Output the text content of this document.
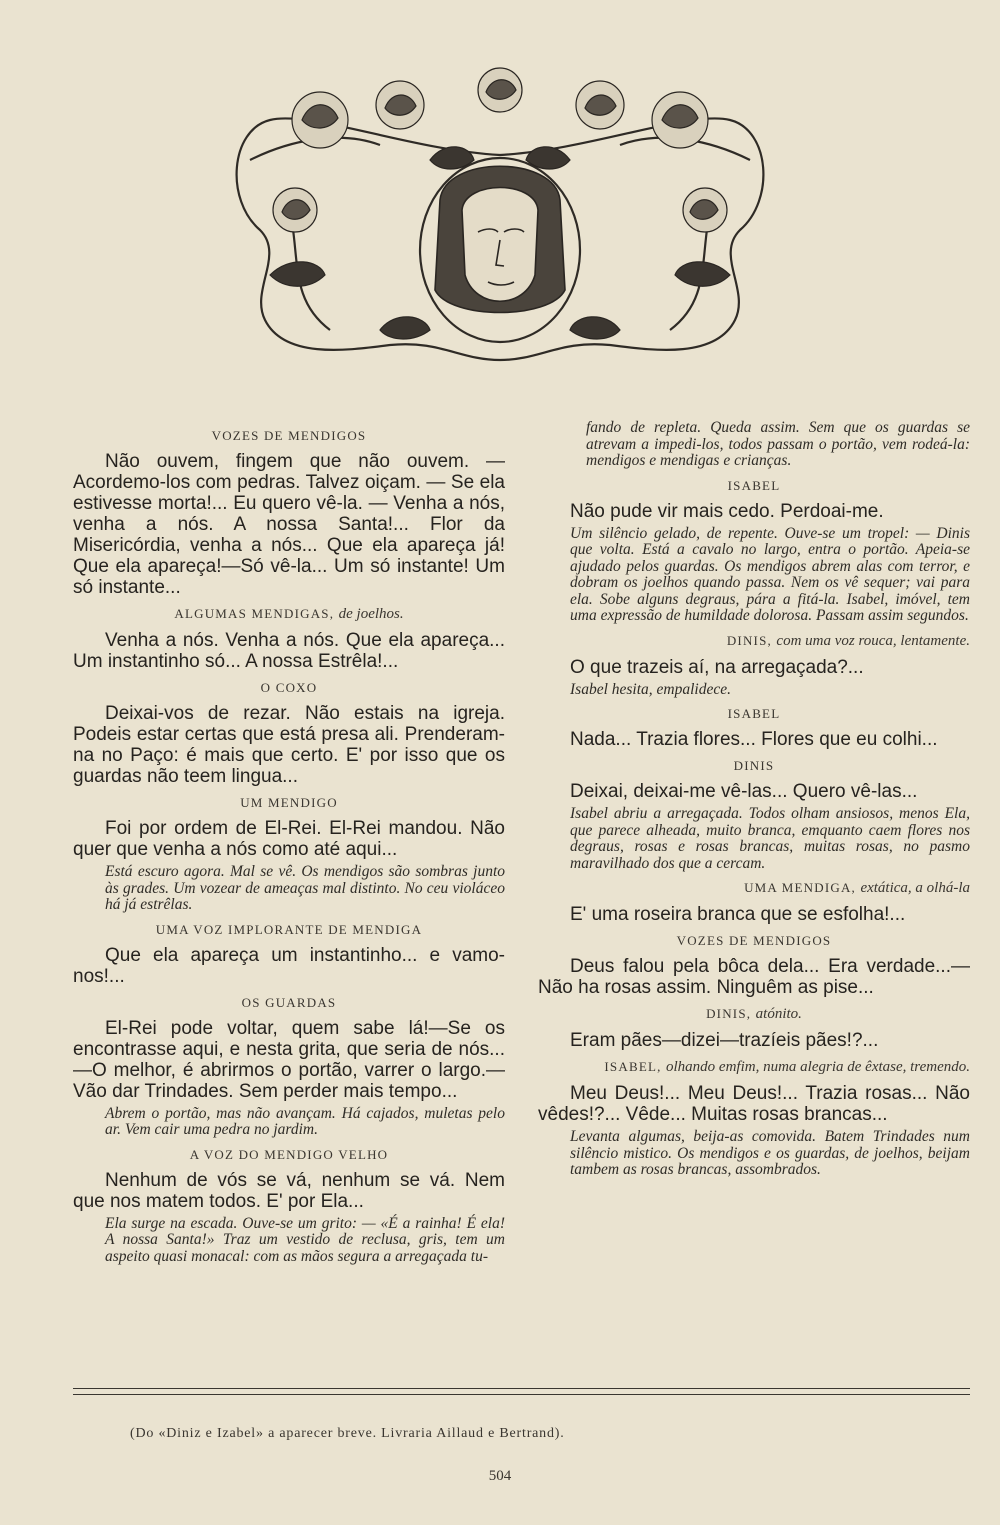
VOZES DE MENDIGOS

Não ouvem, fingem que não ouvem. — Acordemo-los com pedras. Talvez oiçam. — Se ela estivesse morta!... Eu quero vê-la. — Venha a nós, venha a nós. A nossa Santa!... Flor da Misericórdia, venha a nós... Que ela apareça já! Que ela apareça!—Só vê-la... Um só instante! Um só instante...

ALGUMAS MENDIGAS, de joelhos.

Venha a nós. Venha a nós. Que ela apareça... Um instantinho só... A nossa Estrêla!...

O COXO

Deixai-vos de rezar. Não estais na igreja. Podeis estar certas que está presa ali. Prenderam-na no Paço: é mais que certo. E' por isso que os guardas não teem lingua...

UM MENDIGO

Foi por ordem de El-Rei. El-Rei mandou. Não quer que venha a nós como até aqui...

Está escuro agora. Mal se vê. Os mendigos são sombras junto às grades. Um vozear de ameaças mal distinto. No ceu violáceo há já estrêlas.

UMA VOZ IMPLORANTE DE MENDIGA

Que ela apareça um instantinho... e vamo-nos!...

OS GUARDAS

El-Rei pode voltar, quem sabe lá!—Se os encontrasse aqui, e nesta grita, que seria de nós...—O melhor, é abrirmos o portão, varrer o largo.—Vão dar Trindades. Sem perder mais tempo...

Abrem o portão, mas não avançam. Há cajados, muletas pelo ar. Vem cair uma pedra no jardim.

A VOZ DO MENDIGO VELHO

Nenhum de vós se vá, nenhum se vá. Nem que nos matem todos. E' por Ela...

Ela surge na escada. Ouve-se um grito: — «É a rainha! É ela! A nossa Santa!» Traz um vestido de reclusa, gris, tem um aspeito quasi monacal: com as mãos segura a arregaçada tu-

fando de repleta. Queda assim. Sem que os guardas se atrevam a impedi-los, todos passam o portão, vem rodeá-la: mendigos e mendigas e crianças.

ISABEL

Não pude vir mais cedo. Perdoai-me.

Um silêncio gelado, de repente. Ouve-se um tropel: — Dinis que volta. Está a cavalo no largo, entra o portão. Apeia-se ajudado pelos guardas. Os mendigos abrem alas com terror, e dobram os joelhos quando passa. Nem os vê sequer; vai para ela. Sobe alguns degraus, pára a fitá-la. Isabel, imóvel, tem uma expressão de humildade dolorosa. Passam assim segundos.

DINIS, com uma voz rouca, lentamente.

O que trazeis aí, na arregaçada?...

Isabel hesita, empalidece.

ISABEL

Nada... Trazia flores... Flores que eu colhi...

DINIS

Deixai, deixai-me vê-las... Quero vê-las...

Isabel abriu a arregaçada. Todos olham ansiosos, menos Ela, que parece alheada, muito branca, emquanto caem flores nos degraus, rosas e rosas brancas, muitas rosas, no pasmo maravilhado dos que a cercam.

UMA MENDIGA, extática, a olhá-la

E' uma roseira branca que se esfolha!...

VOZES DE MENDIGOS

Deus falou pela bôca dela... Era verdade...—Não ha rosas assim. Ninguêm as pise...

DINIS, atónito.

Eram pães—dizei—trazíeis pães!?...

ISABEL, olhando emfim, numa alegria de êxtase, tremendo.

Meu Deus!... Meu Deus!... Trazia rosas... Não vêdes!?... Vêde... Muitas rosas brancas...

Levanta algumas, beija-as comovida. Batem Trindades num silêncio mistico. Os mendigos e os guardas, de joelhos, beijam tambem as rosas brancas, assombrados.

(Do «Diniz e Izabel» a aparecer breve. Livraria Aillaud e Bertrand).
504
